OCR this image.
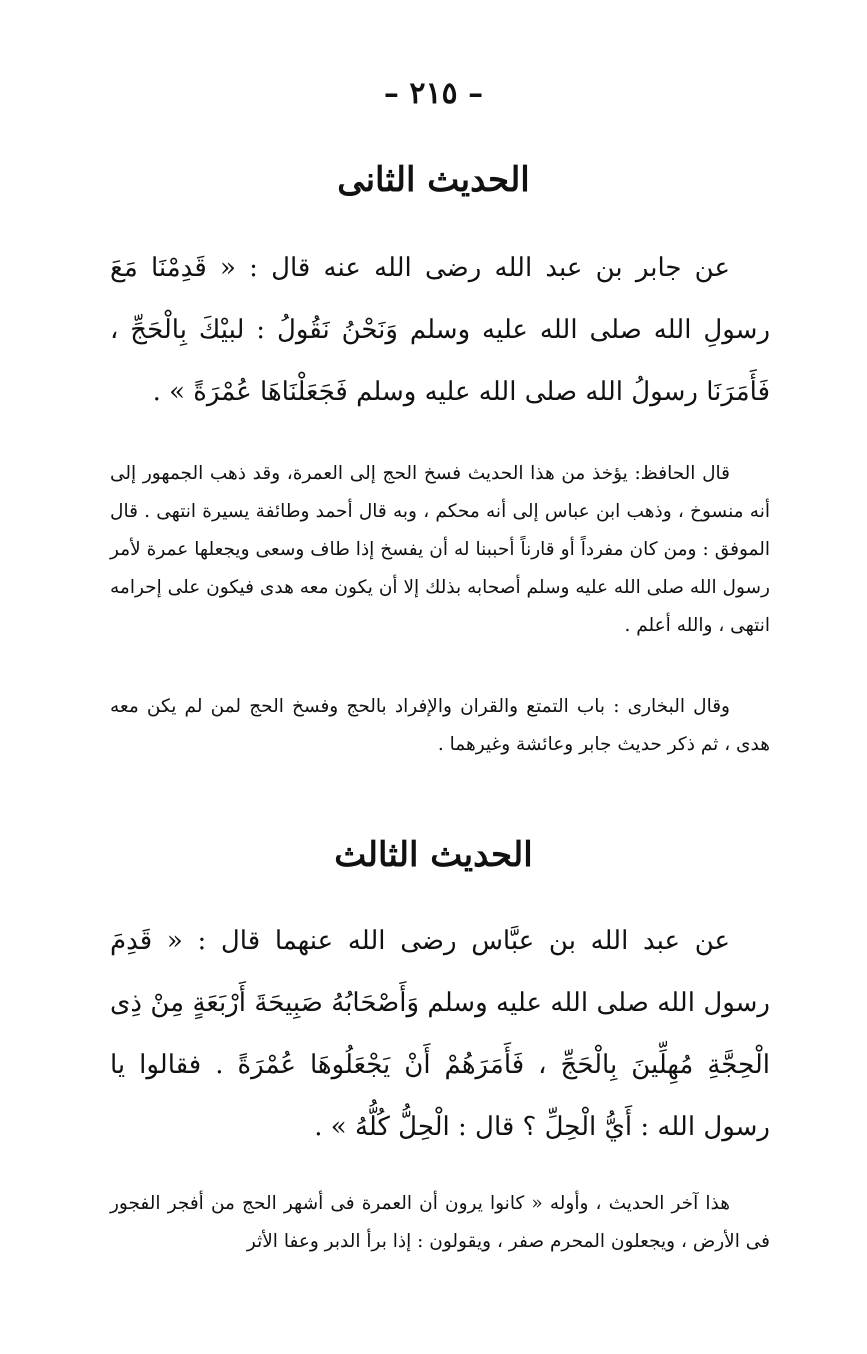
– ٢١٥ –
الحديث الثانى

عن جابر بن عبد الله رضى الله عنه قال : « قَدِمْنَا مَعَ رسولِ الله صلى الله عليه وسلم وَنَحْنُ نَقُولُ : لبيْكَ بِالْحَجِّ ، فَأَمَرَنَا رسولُ الله صلى الله عليه وسلم فَجَعَلْنَاهَا عُمْرَةً » .

قال الحافظ: يؤخذ من هذا الحديث فسخ الحج إلى العمرة، وقد ذهب الجمهور إلى أنه منسوخ ، وذهب ابن عباس إلى أنه محكم ، وبه قال أحمد وطائفة يسيرة انتهى . قال الموفق : ومن كان مفرداً أو قارناً أحببنا له أن يفسخ إذا طاف وسعى ويجعلها عمرة لأمر رسول الله صلى الله عليه وسلم أصحابه بذلك إلا أن يكون معه هدى فيكون على إحرامه انتهى ، والله أعلم .

وقال البخارى : باب التمتع والقران والإفراد بالحج وفسخ الحج لمن لم يكن معه هدى ، ثم ذكر حديث جابر وعائشة وغيرهما .

الحديث الثالث

عن عبد الله بن عبَّاس رضى الله عنهما قال : « قَدِمَ رسول الله صلى الله عليه وسلم وَأَصْحَابُهُ صَبِيحَةَ أَرْبَعَةٍ مِنْ ذِى الْحِجَّةِ مُهِلِّينَ بِالْحَجِّ ، فَأَمَرَهُمْ أَنْ يَجْعَلُوهَا عُمْرَةً . فقالوا يا رسول الله : أَيُّ الْحِلِّ ؟ قال : الْحِلُّ كُلُّهُ » .

هذا آخر الحديث ، وأوله « كانوا يرون أن العمرة فى أشهر الحج من أفجر الفجور فى الأرض ، ويجعلون المحرم صفر ، ويقولون : إذا برأ الدبر وعفا الأثر
